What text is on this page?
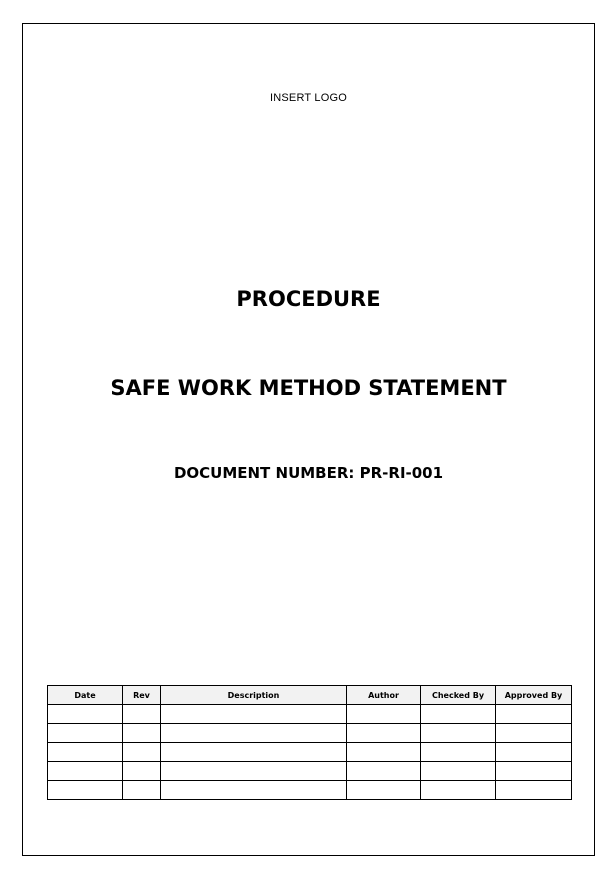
INSERT LOGO
PROCEDURE
SAFE WORK METHOD STATEMENT
DOCUMENT NUMBER: PR-RI-001
Date	Rev	Description	Author	Checked By	Approved By
